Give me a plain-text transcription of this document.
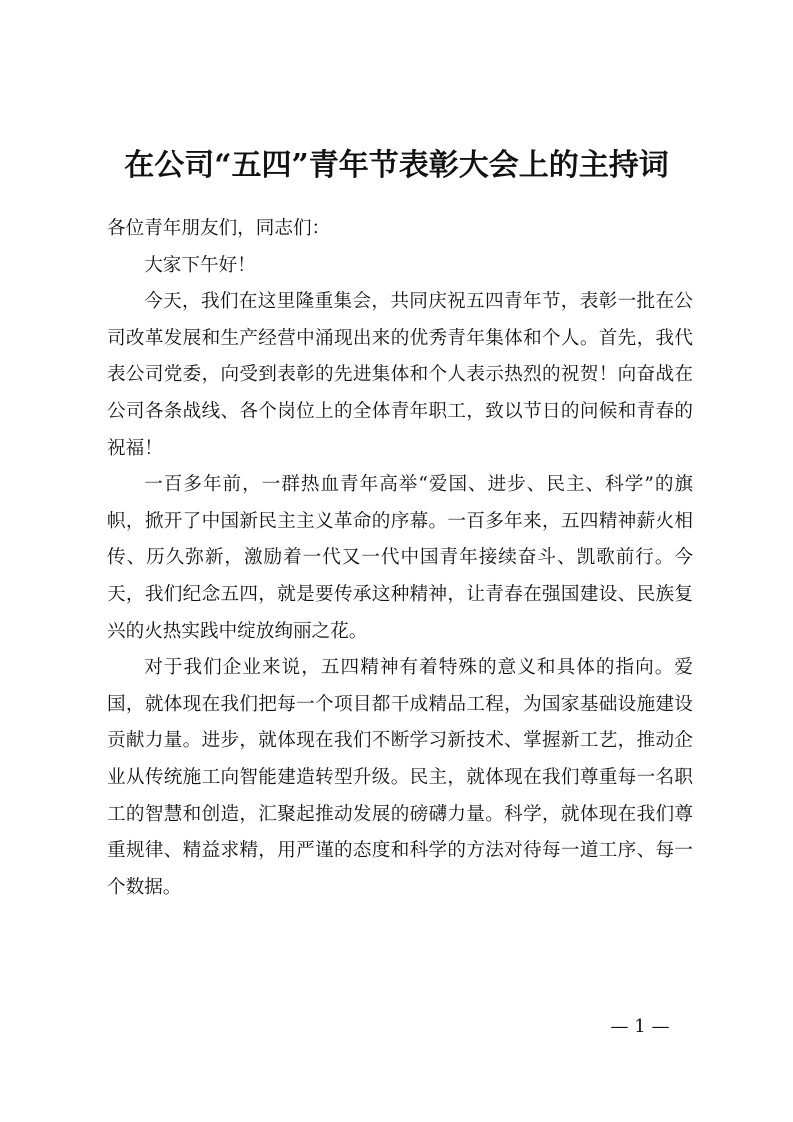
在公司“五四”青年节表彰大会上的主持词

各位青年朋友们，同志们：

大家下午好！

今天，我们在这里隆重集会，共同庆祝五四青年节，表彰一批在公司改革发展和生产经营中涌现出来的优秀青年集体和个人。首先，我代表公司党委，向受到表彰的先进集体和个人表示热烈的祝贺！向奋战在公司各条战线、各个岗位上的全体青年职工，致以节日的问候和青春的祝福！

一百多年前，一群热血青年高举“爱国、进步、民主、科学”的旗帜，掀开了中国新民主主义革命的序幕。一百多年来，五四精神薪火相传、历久弥新，激励着一代又一代中国青年接续奋斗、凯歌前行。今天，我们纪念五四，就是要传承这种精神，让青春在强国建设、民族复兴的火热实践中绽放绚丽之花。

对于我们企业来说，五四精神有着特殊的意义和具体的指向。爱国，就体现在我们把每一个项目都干成精品工程，为国家基础设施建设贡献力量。进步，就体现在我们不断学习新技术、掌握新工艺，推动企业从传统施工向智能建造转型升级。民主，就体现在我们尊重每一名职工的智慧和创造，汇聚起推动发展的磅礴力量。科学，就体现在我们尊重规律、精益求精，用严谨的态度和科学的方法对待每一道工序、每一个数据。

— 1 —
